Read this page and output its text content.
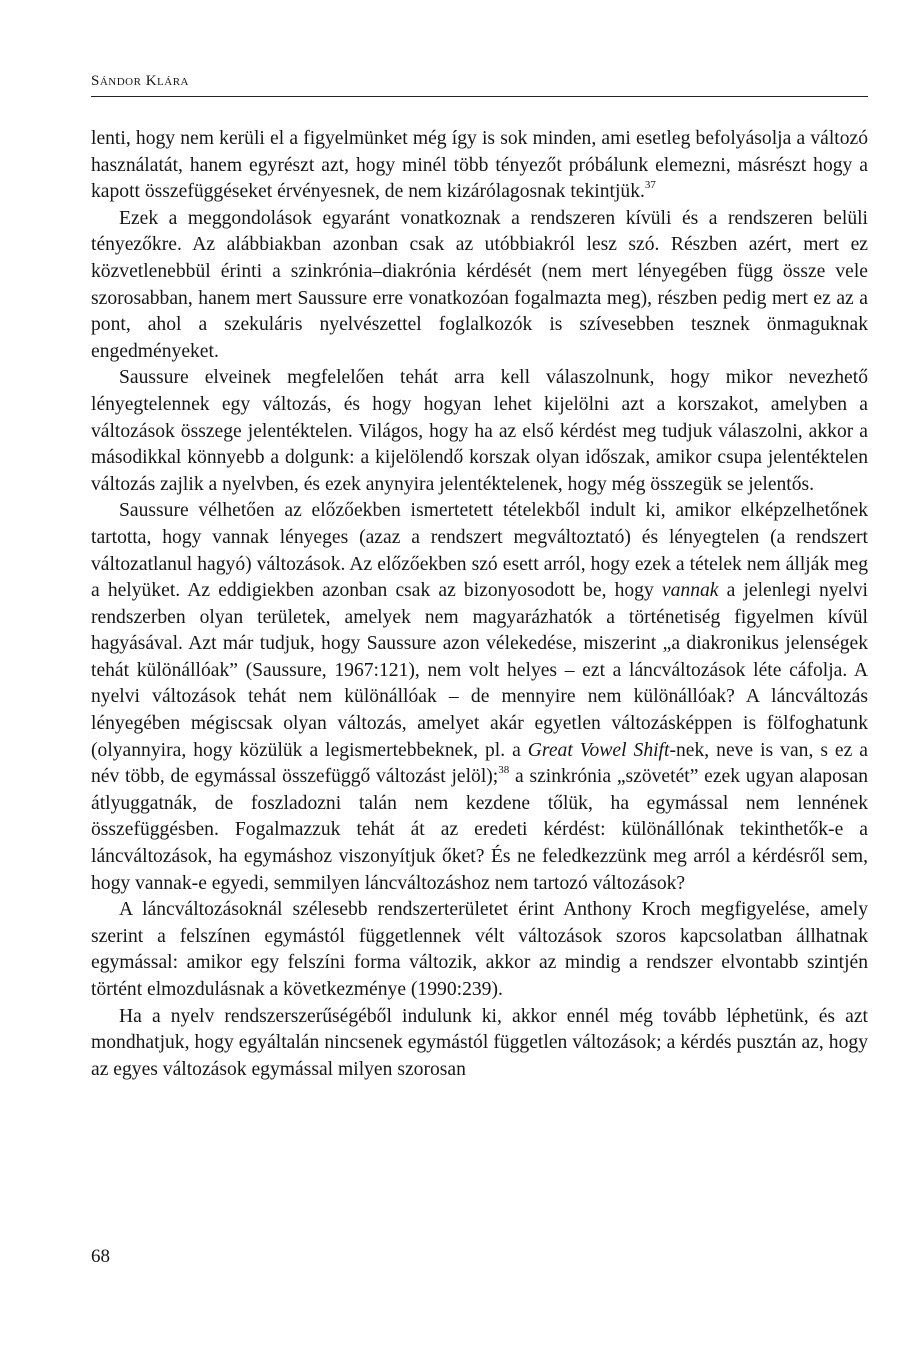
Sándor Klára

lenti, hogy nem kerüli el a figyelmünket még így is sok minden, ami esetleg befolyásolja a változó használatát, hanem egyrészt azt, hogy minél több tényezőt próbálunk elemezni, másrészt hogy a kapott összefüggéseket érvényesnek, de nem kizárólagosnak tekintjük.$^{37}$

Ezek a meggondolások egyaránt vonatkoznak a rendszeren kívüli és a rendszeren belüli tényezőkre. Az alábbiakban azonban csak az utóbbiakról lesz szó. Részben azért, mert ez közvetlenebbül érinti a szinkrónia–diakrónia kérdését (nem mert lényegében függ össze vele szorosabban, hanem mert Saussure erre vonatkozóan fogalmazta meg), részben pedig mert ez az a pont, ahol a szekuláris nyelvészettel foglalkozók is szívesebben tesznek önmaguknak engedményeket.

Saussure elveinek megfelelően tehát arra kell válaszolnunk, hogy mikor nevezhető lényegtelennek egy változás, és hogy hogyan lehet kijelölni azt a korszakot, amelyben a változások összege jelentéktelen. Világos, hogy ha az első kérdést meg tudjuk válaszolni, akkor a másodikkal könnyebb a dolgunk: a kijelölendő korszak olyan időszak, amikor csupa jelentéktelen változás zajlik a nyelvben, és ezek anynyira jelentéktelenek, hogy még összegük se jelentős.

Saussure vélhetően az előzőekben ismertetett tételekből indult ki, amikor elképzelhetőnek tartotta, hogy vannak lényeges (azaz a rendszert megváltoztató) és lényegtelen (a rendszert változatlanul hagyó) változások. Az előzőekben szó esett arról, hogy ezek a tételek nem állják meg a helyüket. Az eddigiekben azonban csak az bizonyosodott be, hogy vannak a jelenlegi nyelvi rendszerben olyan területek, amelyek nem magyarázhatók a történetiség figyelmen kívül hagyásával. Azt már tudjuk, hogy Saussure azon vélekedése, miszerint „a diakronikus jelenségek tehát különállóak” (Saussure, 1967:121), nem volt helyes – ezt a láncváltozások léte cáfolja. A nyelvi változások tehát nem különállóak – de mennyire nem különállóak? A láncváltozás lényegében mégiscsak olyan változás, amelyet akár egyetlen változásképpen is fölfoghatunk (olyannyira, hogy közülük a legismertebbeknek, pl. a Great Vowel Shift-nek, neve is van, s ez a név több, de egymással összefüggő változást jelöl);$^{38}$ a szinkrónia „szövetét” ezek ugyan alaposan átlyuggatnák, de foszladozni talán nem kezdene tőlük, ha egymással nem lennének összefüggésben. Fogalmazzuk tehát át az eredeti kérdést: különállónak tekinthetők-e a láncváltozások, ha egymáshoz viszonyítjuk őket? És ne feledkezzünk meg arról a kérdésről sem, hogy vannak-e egyedi, semmilyen láncváltozáshoz nem tartozó változások?

A láncváltozásoknál szélesebb rendszerterületet érint Anthony Kroch megfigyelése, amely szerint a felszínen egymástól függetlennek vélt változások szoros kapcsolatban állhatnak egymással: amikor egy felszíni forma változik, akkor az mindig a rendszer elvontabb szintjén történt elmozdulásnak a következménye (1990:239).

Ha a nyelv rendszerszerűségéből indulunk ki, akkor ennél még tovább léphetünk, és azt mondhatjuk, hogy egyáltalán nincsenek egymástól független változások; a kérdés pusztán az, hogy az egyes változások egymással milyen szorosan

68
